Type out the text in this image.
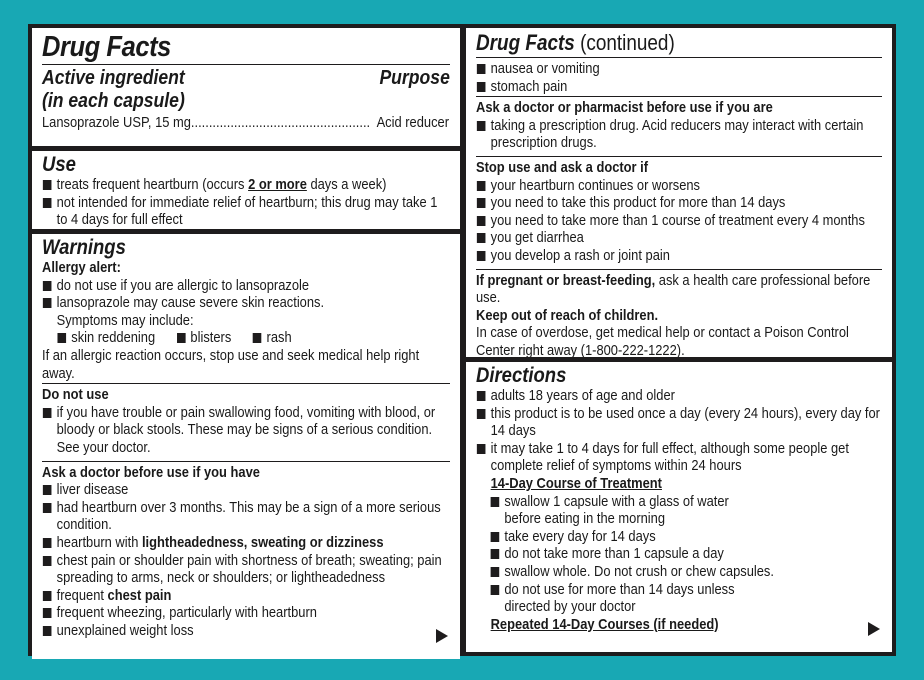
Drug Facts
Active ingredient	Purpose
(in each capsule)
Lansoprazole USP, 15 mg .................................................. Acid reducer
Use
treats frequent heartburn (occurs 2 or more days a week)
not intended for immediate relief of heartburn; this drug may take 1 to 4 days for full effect
Warnings
Allergy alert:
do not use if you are allergic to lansoprazole
lansoprazole may cause severe skin reactions.
Symptoms may include:
skin reddening	blisters	rash
If an allergic reaction occurs, stop use and seek medical help right away.
Do not use
if you have trouble or pain swallowing food, vomiting with blood, or bloody or black stools. These may be signs of a serious condition. See your doctor.
Ask a doctor before use if you have
liver disease
had heartburn over 3 months. This may be a sign of a more serious condition.
heartburn with lightheadedness, sweating or dizziness
chest pain or shoulder pain with shortness of breath; sweating; pain spreading to arms, neck or shoulders; or lightheadedness
frequent chest pain
frequent wheezing, particularly with heartburn
unexplained weight loss
Drug Facts (continued)
nausea or vomiting
stomach pain
Ask a doctor or pharmacist before use if you are
taking a prescription drug. Acid reducers may interact with certain prescription drugs.
Stop use and ask a doctor if
your heartburn continues or worsens
you need to take this product for more than 14 days
you need to take more than 1 course of treatment every 4 months
you get diarrhea
you develop a rash or joint pain
If pregnant or breast-feeding, ask a health care professional before use.
Keep out of reach of children.
In case of overdose, get medical help or contact a Poison Control Center right away (1-800-222-1222).
Directions
adults 18 years of age and older
this product is to be used once a day (every 24 hours), every day for 14 days
it may take 1 to 4 days for full effect, although some people get complete relief of symptoms within 24 hours
14-Day Course of Treatment
swallow 1 capsule with a glass of water before eating in the morning
take every day for 14 days
do not take more than 1 capsule a day
swallow whole. Do not crush or chew capsules.
do not use for more than 14 days unless directed by your doctor
Repeated 14-Day Courses (if needed)
